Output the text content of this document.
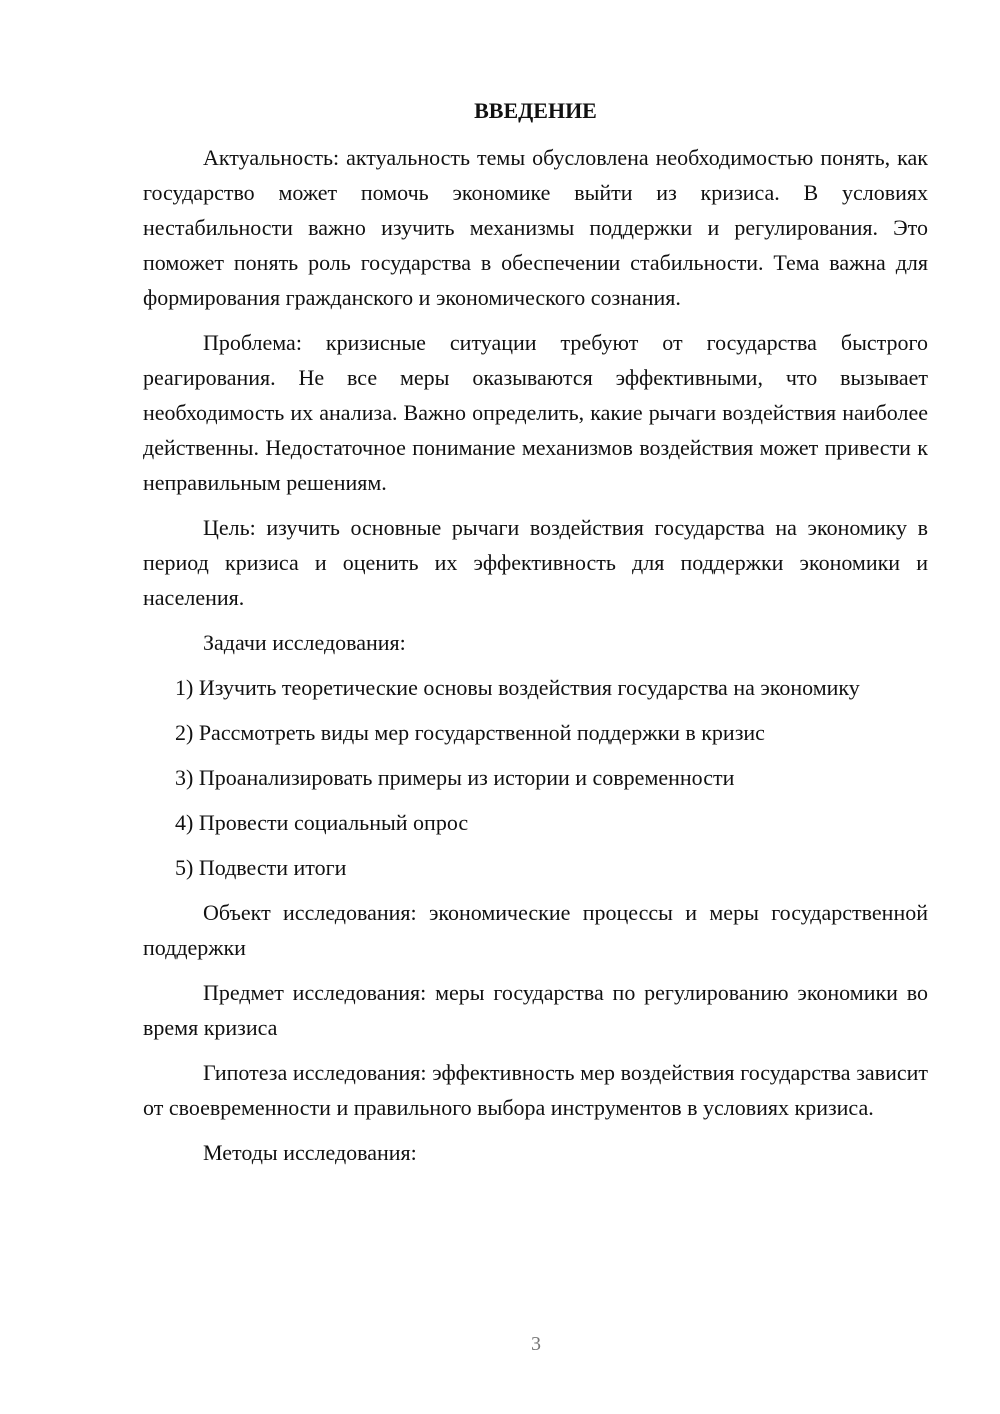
ВВЕДЕНИЕ

Актуальность: актуальность темы обусловлена необходимостью понять, как государство может помочь экономике выйти из кризиса. В условиях нестабильности важно изучить механизмы поддержки и регулирования. Это поможет понять роль государства в обеспечении стабильности. Тема важна для формирования гражданского и экономического сознания.

Проблема: кризисные ситуации требуют от государства быстрого реагирования. Не все меры оказываются эффективными, что вызывает необходимость их анализа. Важно определить, какие рычаги воздействия наиболее действенны. Недостаточное понимание механизмов воздействия может привести к неправильным решениям.

Цель: изучить основные рычаги воздействия государства на экономику в период кризиса и оценить их эффективность для поддержки экономики и населения.

Задачи исследования:

1) Изучить теоретические основы воздействия государства на экономику

2) Рассмотреть виды мер государственной поддержки в кризис

3) Проанализировать примеры из истории и современности

4) Провести социальный опрос

5) Подвести итоги

Объект исследования: экономические процессы и меры государственной поддержки

Предмет исследования: меры государства по регулированию экономики во время кризиса

Гипотеза исследования: эффективность мер воздействия государства зависит от своевременности и правильного выбора инструментов в условиях кризиса.

Методы исследования:

3
